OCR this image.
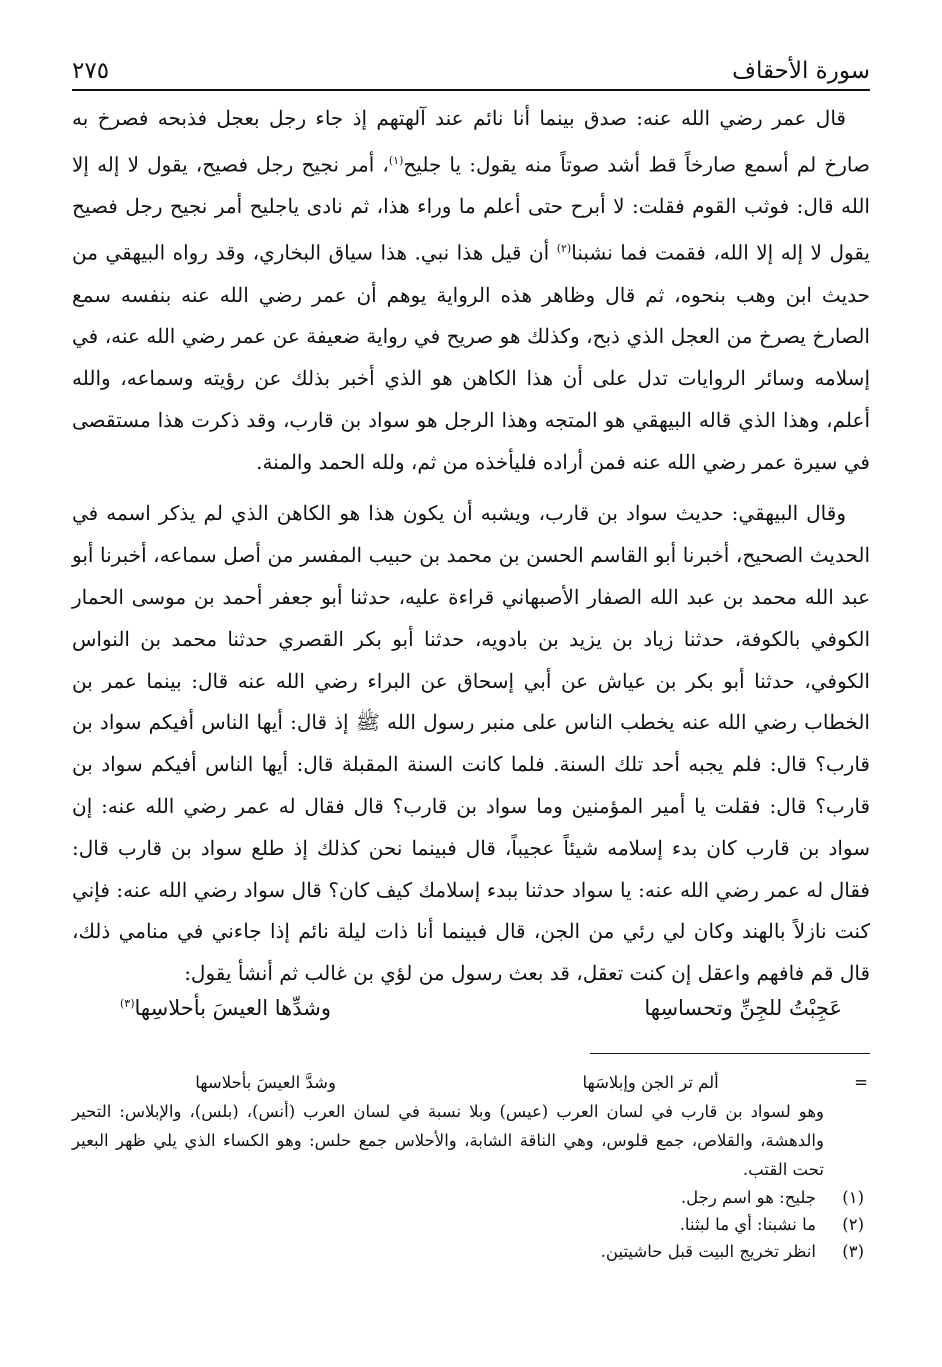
سورة الأحقاف
٢٧٥

قال عمر رضي الله عنه: صدق بينما أنا نائم عند آلهتهم إذ جاء رجل بعجل فذبحه فصرخ به صارخ لم أسمع صارخاً قط أشد صوتاً منه يقول: يا جليح$^{(١)}$، أمر نجيح رجل فصيح، يقول لا إله إلا الله قال: فوثب القوم فقلت: لا أبرح حتى أعلم ما وراء هذا، ثم نادى ياجليح أمر نجيح رجل فصيح يقول لا إله إلا الله، فقمت فما نشبنا$^{(٢)}$ أن قيل هذا نبي. هذا سياق البخاري، وقد رواه البيهقي من حديث ابن وهب بنحوه، ثم قال وظاهر هذه الرواية يوهم أن عمر رضي الله عنه بنفسه سمع الصارخ يصرخ من العجل الذي ذبح، وكذلك هو صريح في رواية ضعيفة عن عمر رضي الله عنه، في إسلامه وسائر الروايات تدل على أن هذا الكاهن هو الذي أخبر بذلك عن رؤيته وسماعه، والله أعلم، وهذا الذي قاله البيهقي هو المتجه وهذا الرجل هو سواد بن قارب، وقد ذكرت هذا مستقصى في سيرة عمر رضي الله عنه فمن أراده فليأخذه من ثم، ولله الحمد والمنة.

وقال البيهقي: حديث سواد بن قارب، ويشبه أن يكون هذا هو الكاهن الذي لم يذكر اسمه في الحديث الصحيح، أخبرنا أبو القاسم الحسن بن محمد بن حبيب المفسر من أصل سماعه، أخبرنا أبو عبد الله محمد بن عبد الله الصفار الأصبهاني قراءة عليه، حدثنا أبو جعفر أحمد بن موسى الحمار الكوفي بالكوفة، حدثنا زياد بن يزيد بن بادويه، حدثنا أبو بكر القصري حدثنا محمد بن النواس الكوفي، حدثنا أبو بكر بن عياش عن أبي إسحاق عن البراء رضي الله عنه قال: بينما عمر بن الخطاب رضي الله عنه يخطب الناس على منبر رسول الله ﷺ إذ قال: أيها الناس أفيكم سواد بن قارب؟ قال: فلم يجبه أحد تلك السنة. فلما كانت السنة المقبلة قال: أيها الناس أفيكم سواد بن قارب؟ قال: فقلت يا أمير المؤمنين وما سواد بن قارب؟ قال فقال له عمر رضي الله عنه: إن سواد بن قارب كان بدء إسلامه شيئاً عجيباً، قال فبينما نحن كذلك إذ طلع سواد بن قارب قال: فقال له عمر رضي الله عنه: يا سواد حدثنا ببدء إسلامك كيف كان؟ قال سواد رضي الله عنه: فإني كنت نازلاً بالهند وكان لي رئي من الجن، قال فبينما أنا ذات ليلة نائم إذا جاءني في منامي ذلك، قال قم فافهم واعقل إن كنت تعقل، قد بعث رسول من لؤي بن غالب ثم أنشأ يقول:

عَجِبْتُ للجِنِّ وتحساسِها
وشدِّها العيسَ بأحلاسِها$^{(٣)}$
=
ألم تر الجن وإبلاسَها
وشدَّ العيسَ بأحلاسها

وهو لسواد بن قارب في لسان العرب (عيس) وبلا نسبة في لسان العرب (أنس)، (بلس)، والإبلاس: التحير والدهشة، والقلاص، جمع قلوس، وهي الناقة الشابة، والأحلاس جمع حلس: وهو الكساء الذي يلي ظهر البعير تحت القتب.

(١)
جليح: هو اسم رجل.
(٢)
ما نشبنا: أي ما لبثنا.
(٣)
انظر تخريج البيت قبل حاشيتين.
